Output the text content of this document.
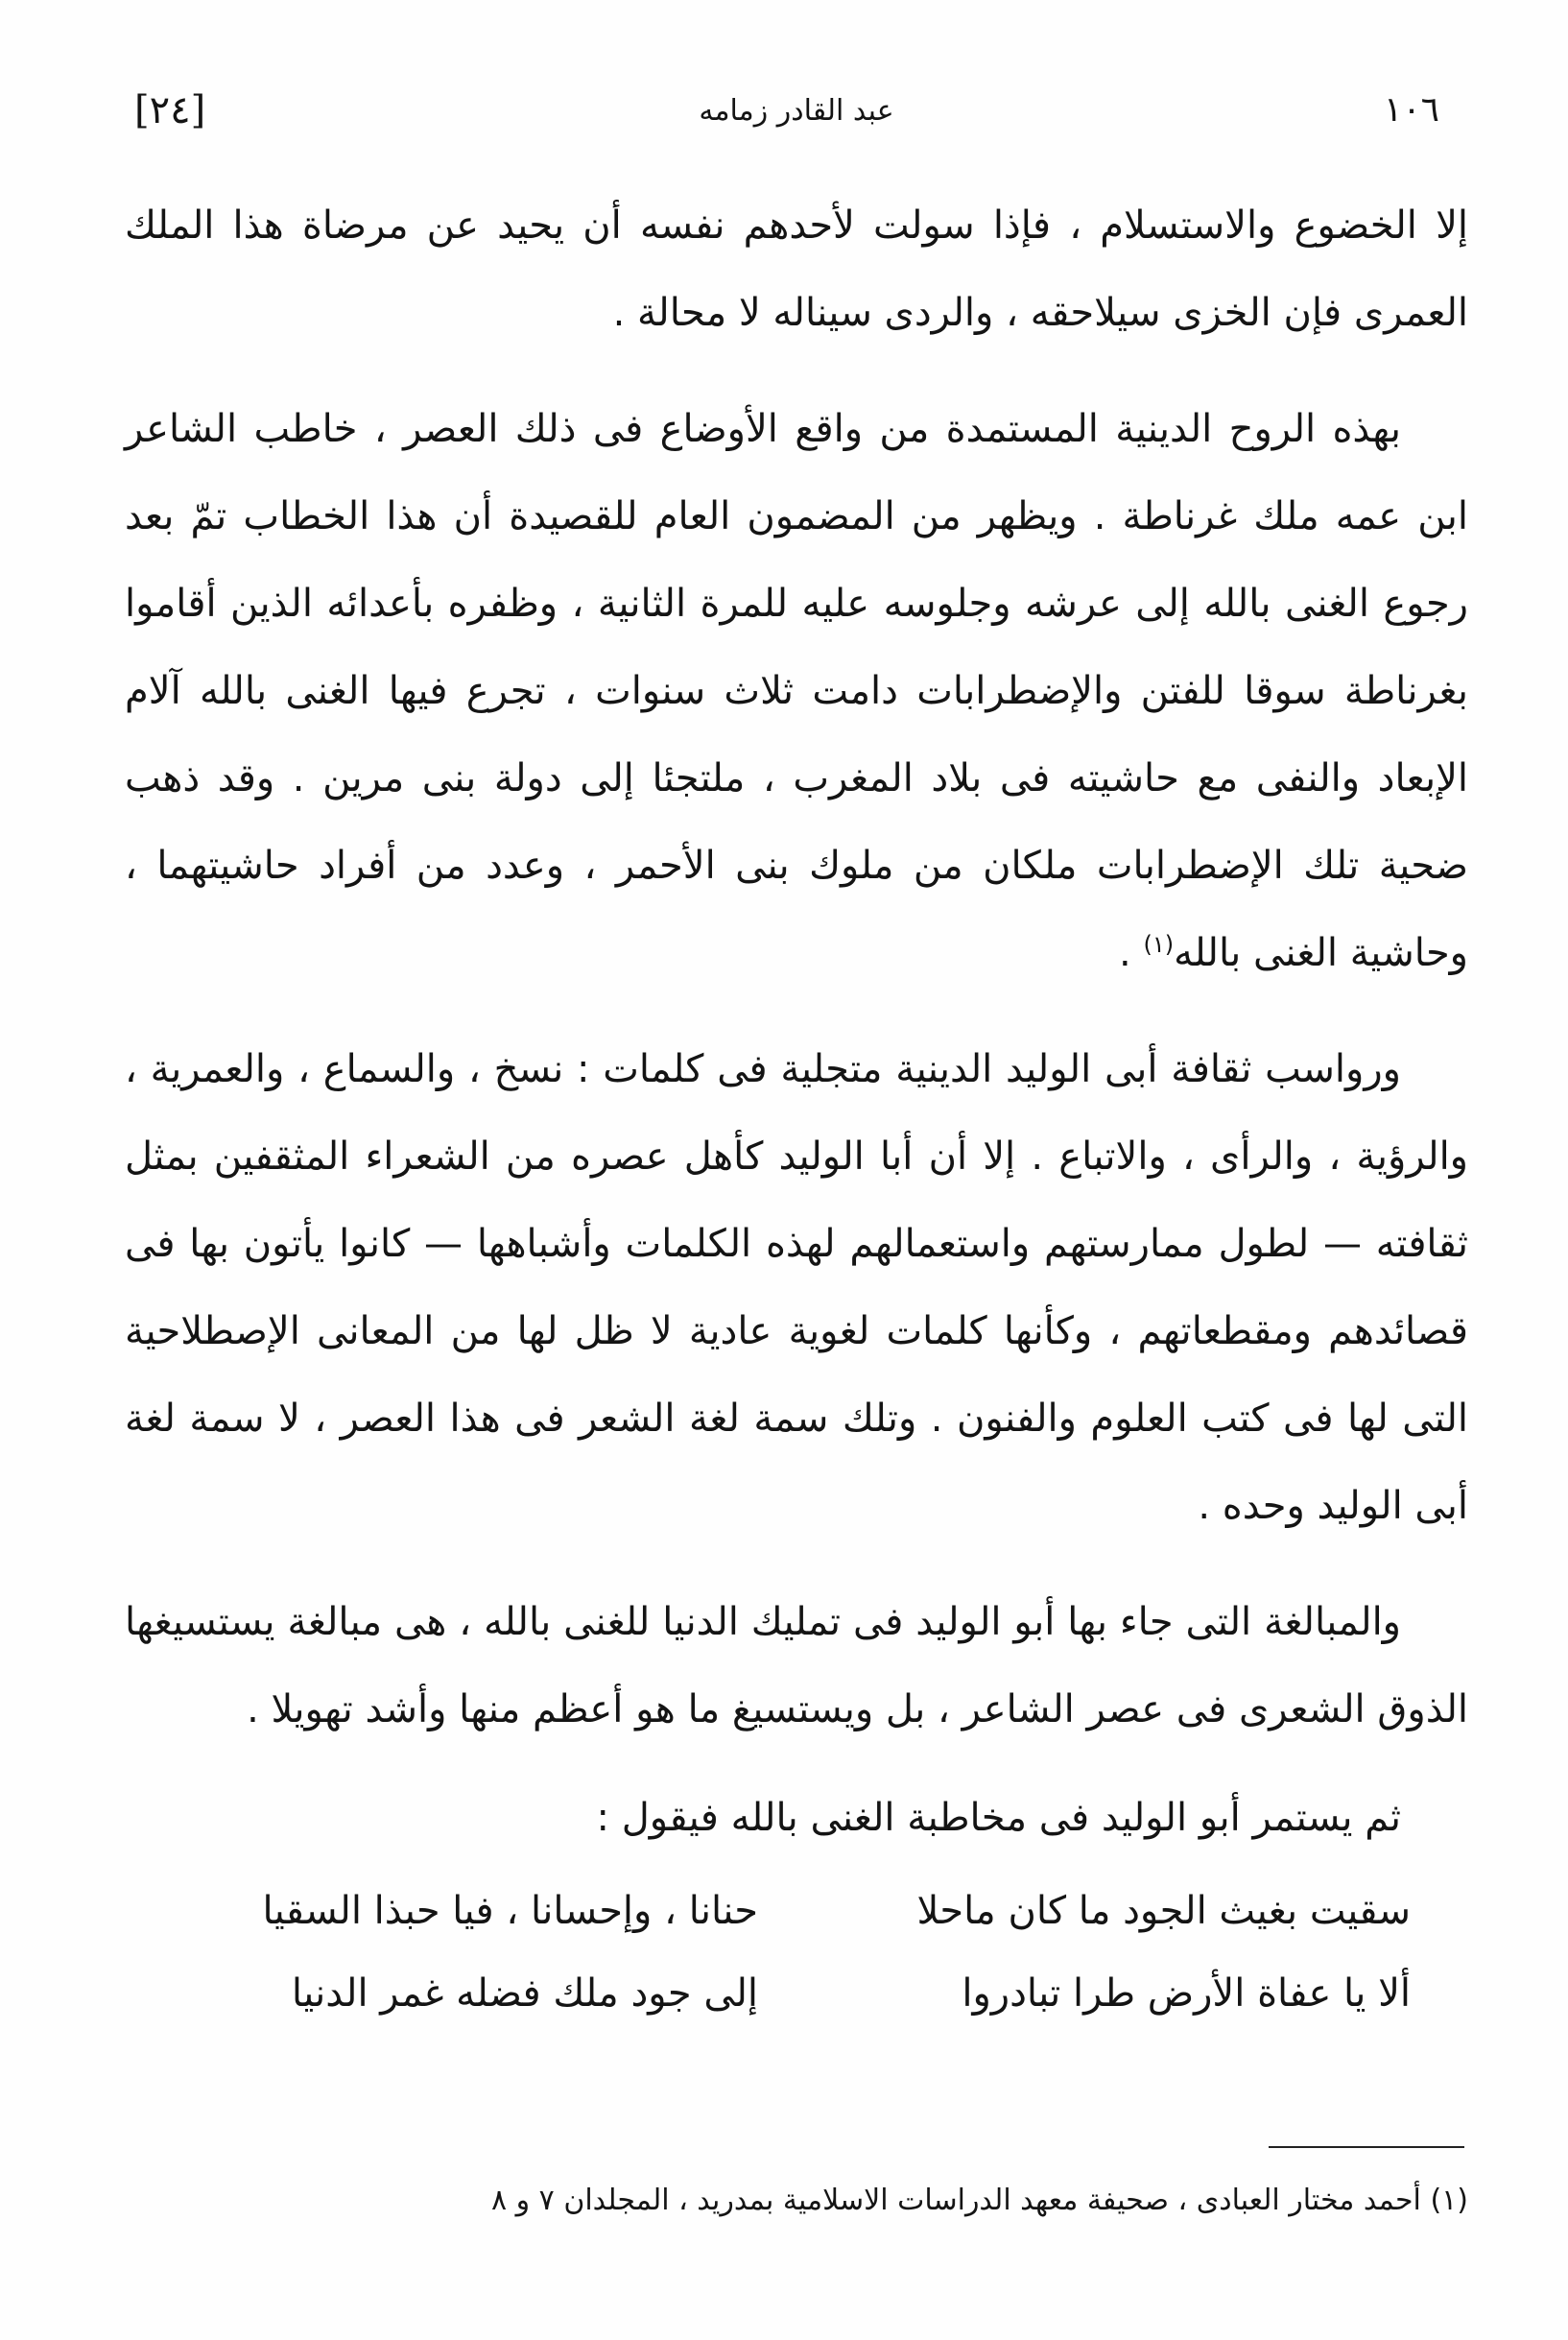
[٢٤]	عبد القادر زمامه	١٠٦

إلا الخضوع والاستسلام ، فإذا سولت لأحدهم نفسه أن يحيد عن مرضاة هذا الملك العمرى فإن الخزى سيلاحقه ، والردى سيناله لا محالة .

بهذه الروح الدينية المستمدة من واقع الأوضاع فى ذلك العصر ، خاطب الشاعر ابن عمه ملك غرناطة . ويظهر من المضمون العام للقصيدة أن هذا الخطاب تمّ بعد رجوع الغنى بالله إلى عرشه وجلوسه عليه للمرة الثانية ، وظفره بأعدائه الذين أقاموا بغرناطة سوقا للفتن والإضطرابات دامت ثلاث سنوات ، تجرع فيها الغنى بالله آلام الإبعاد والنفى مع حاشيته فى بلاد المغرب ، ملتجئا إلى دولة بنى مرين . وقد ذهب ضحية تلك الإضطرابات ملكان من ملوك بنى الأحمر ، وعدد من أفراد حاشيتهما ، وحاشية الغنى بالله$^{(١)}$ .

ورواسب ثقافة أبى الوليد الدينية متجلية فى كلمات : نسخ ، والسماع ، والعمرية ، والرؤية ، والرأى ، والاتباع . إلا أن أبا الوليد كأهل عصره من الشعراء المثقفين بمثل ثقافته — لطول ممارستهم واستعمالهم لهذه الكلمات وأشباهها — كانوا يأتون بها فى قصائدهم ومقطعاتهم ، وكأنها كلمات لغوية عادية لا ظل لها من المعانى الإصطلاحية التى لها فى كتب العلوم والفنون . وتلك سمة لغة الشعر فى هذا العصر ، لا سمة لغة أبى الوليد وحده .

والمبالغة التى جاء بها أبو الوليد فى تمليك الدنيا للغنى بالله ، هى مبالغة يستسيغها الذوق الشعرى فى عصر الشاعر ، بل ويستسيغ ما هو أعظم منها وأشد تهويلا .

ثم يستمر أبو الوليد فى مخاطبة الغنى بالله فيقول :

سقيت بغيث الجود ما كان ماحلا
حنانا ، وإحسانا ، فيا حبذا السقيا
ألا يا عفاة الأرض طرا تبادروا
إلى جود ملك فضله غمر الدنيا
(١) أحمد مختار العبادى ، صحيفة معهد الدراسات الاسلامية بمدريد ، المجلدان ٧ و ٨
